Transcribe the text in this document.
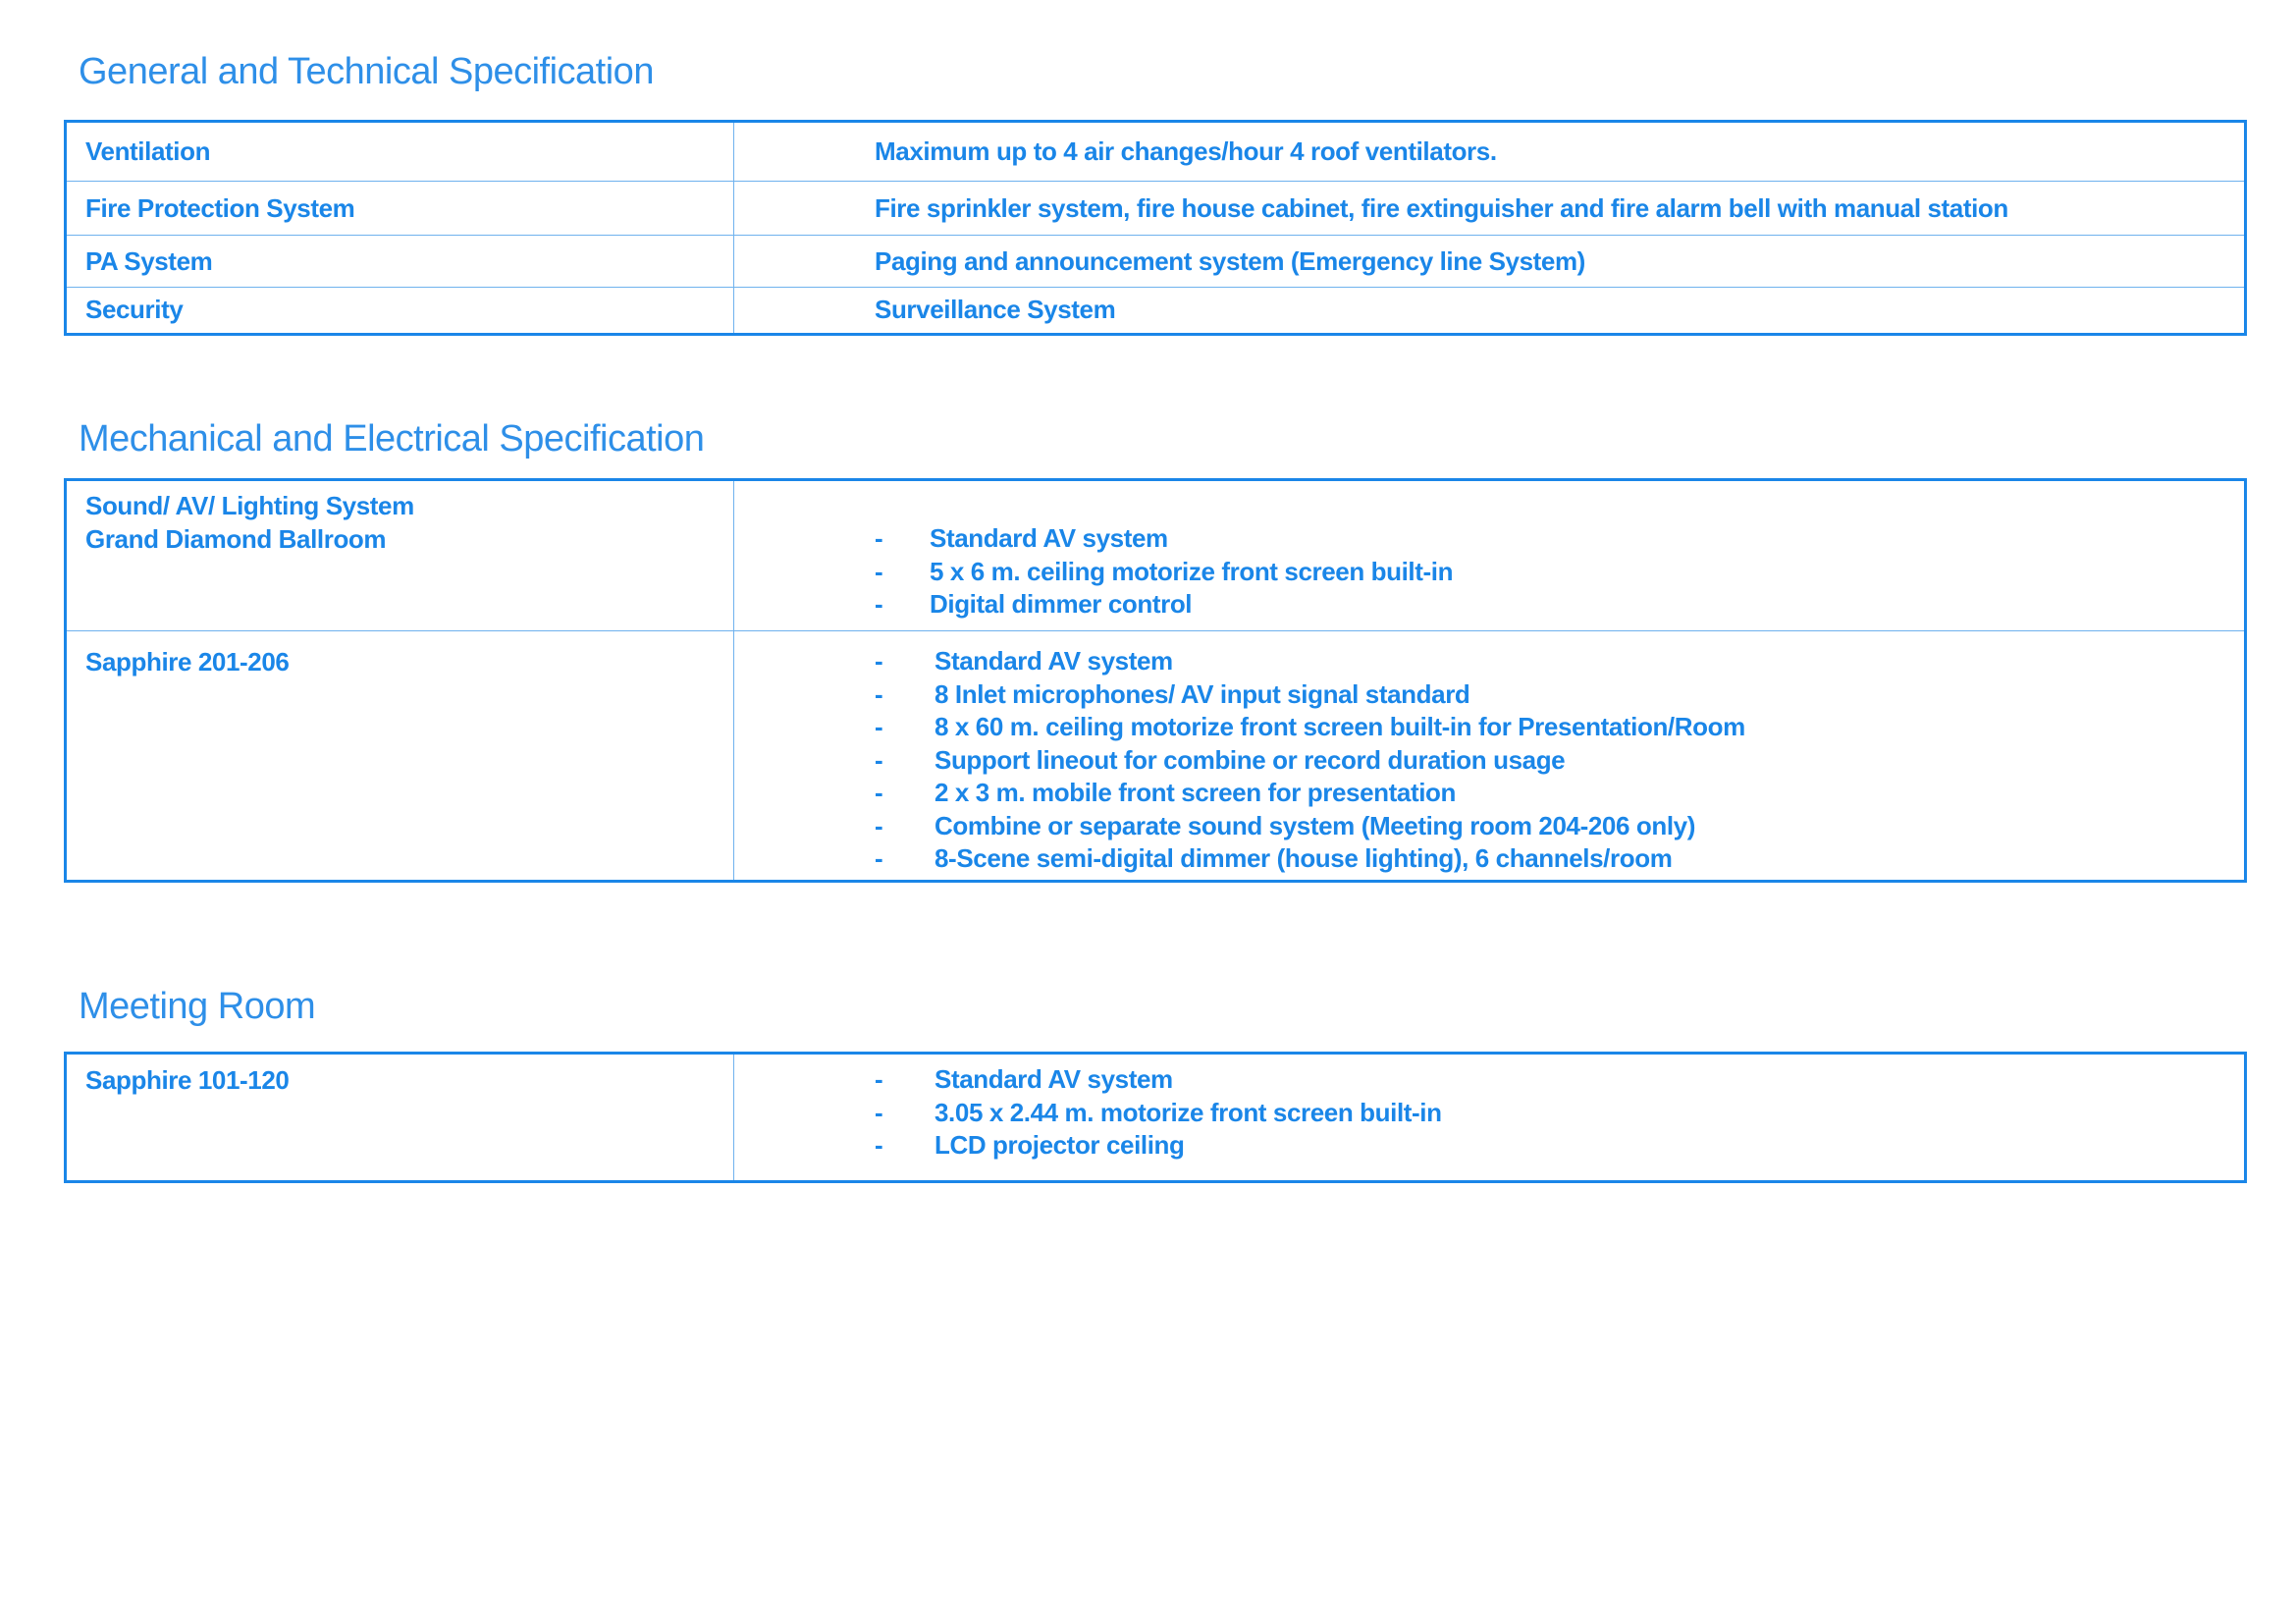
General and Technical Specification
Ventilation	Maximum up to 4 air changes/hour 4 roof ventilators.
Fire Protection System	Fire sprinkler system, fire house cabinet, fire extinguisher and fire alarm bell with manual station
PA System	Paging and announcement system (Emergency line System)
Security	Surveillance System
Mechanical and Electrical Specification
Sound/ AV/ Lighting System
Grand Diamond Ballroom	-	Standard AV system
-	5 x 6 m. ceiling motorize front screen built-in
-	Digital dimmer control
Sapphire 201-206	-	Standard AV system
-	8 Inlet microphones/ AV input signal standard
-	8 x 60 m. ceiling motorize front screen built-in for Presentation/Room
-	Support lineout for combine or record duration usage
-	2 x 3 m. mobile front screen for presentation
-	Combine or separate sound system (Meeting room 204-206 only)
-	8-Scene semi-digital dimmer (house lighting), 6 channels/room
Meeting Room
Sapphire 101-120	-	Standard AV system
-	3.05 x 2.44 m. motorize front screen built-in
-	LCD projector ceiling
